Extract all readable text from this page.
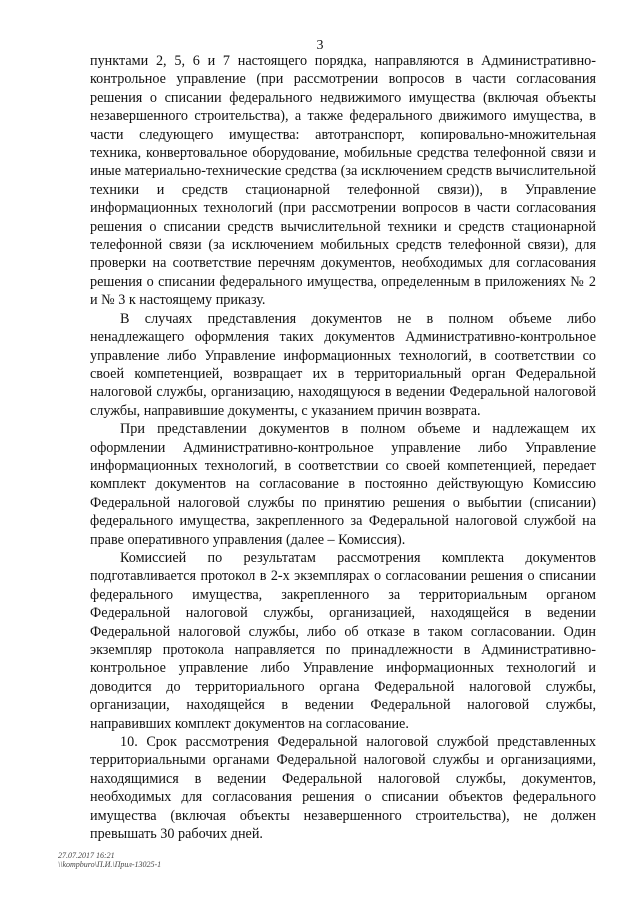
3

пунктами 2, 5, 6 и 7 настоящего порядка, направляются в Административно-контрольное управление (при рассмотрении вопросов в части согласования решения о списании федерального недвижимого имущества (включая объекты незавершенного строительства), а также федерального движимого имущества, в части следующего имущества: автотранспорт, копировально-множительная техника, конвертовальное оборудование, мобильные средства телефонной связи и иные материально-технические средства (за исключением средств вычислительной техники и средств стационарной телефонной связи)), в Управление информационных технологий (при рассмотрении вопросов в части согласования решения о списании средств вычислительной техники и средств стационарной телефонной связи (за исключением мобильных средств телефонной связи), для проверки на соответствие перечням документов, необходимых для согласования решения о списании федерального имущества, определенным в приложениях № 2 и № 3 к настоящему приказу.

В случаях представления документов не в полном объеме либо ненадлежащего оформления таких документов Административно-контрольное управление либо Управление информационных технологий, в соответствии со своей компетенцией, возвращает их в территориальный орган Федеральной налоговой службы, организацию, находящуюся в ведении Федеральной налоговой службы, направившие документы, с указанием причин возврата.

При представлении документов в полном объеме и надлежащем их оформлении Административно-контрольное управление либо Управление информационных технологий, в соответствии со своей компетенцией, передает комплект документов на согласование в постоянно действующую Комиссию Федеральной налоговой службы по принятию решения о выбытии (списании) федерального имущества, закрепленного за Федеральной налоговой службой на праве оперативного управления (далее – Комиссия).

Комиссией по результатам рассмотрения комплекта документов подготавливается протокол в 2-х экземплярах о согласовании решения о списании федерального имущества, закрепленного за территориальным органом Федеральной налоговой службы, организацией, находящейся в ведении Федеральной налоговой службы, либо об отказе в таком согласовании. Один экземпляр протокола направляется по принадлежности в Административно-контрольное управление либо Управление информационных технологий и доводится до территориального органа Федеральной налоговой службы, организации, находящейся в ведении Федеральной налоговой службы, направивших комплект документов на согласование.

10. Срок рассмотрения Федеральной налоговой службой представленных территориальными органами Федеральной налоговой службы и организациями, находящимися в ведении Федеральной налоговой службы, документов, необходимых для согласования решения о списании объектов федерального имущества (включая объекты незавершенного строительства), не должен превышать 30 рабочих дней.

27.07.2017 16:21
\\kompburo\П.И.\Прил-13025-1
